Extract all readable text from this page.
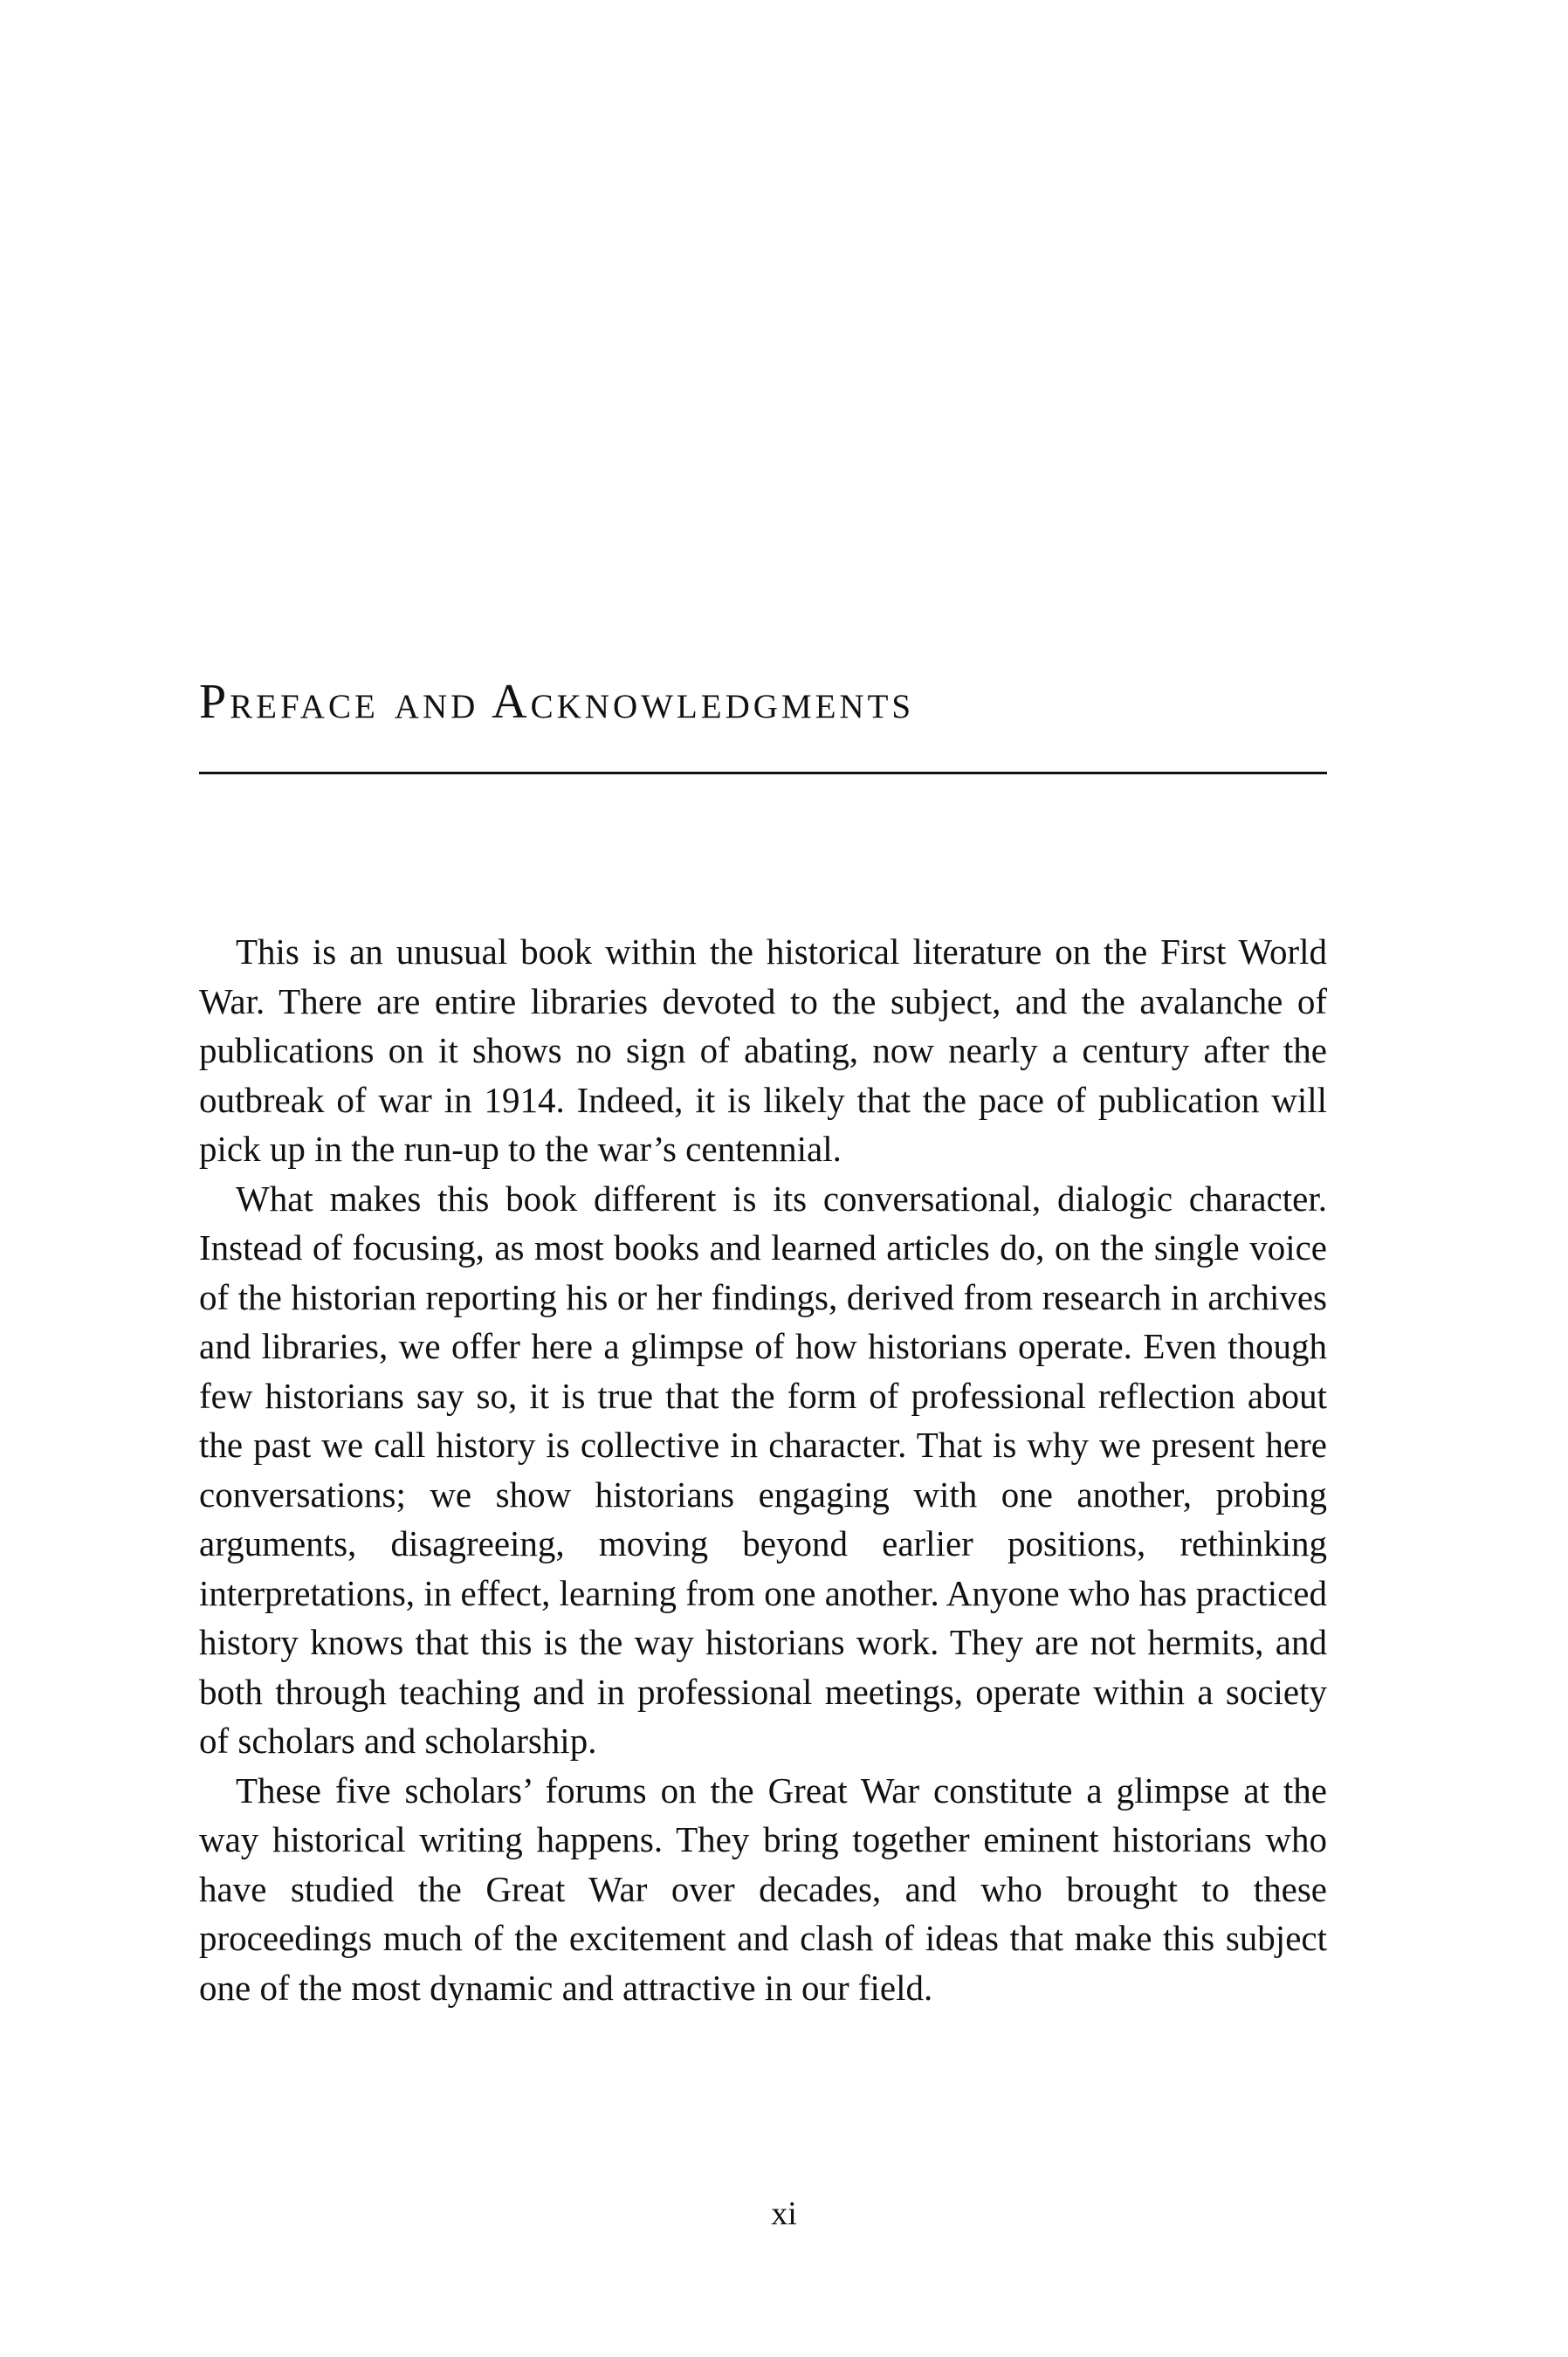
Preface and Acknowledgments

This is an unusual book within the historical literature on the First World War. There are entire libraries devoted to the subject, and the avalanche of publications on it shows no sign of abating, now nearly a century after the outbreak of war in 1914. Indeed, it is likely that the pace of publication will pick up in the run-up to the war’s centennial.

What makes this book different is its conversational, dialogic character. Instead of focusing, as most books and learned articles do, on the single voice of the historian reporting his or her findings, derived from research in archives and libraries, we offer here a glimpse of how historians operate. Even though few historians say so, it is true that the form of professional reflection about the past we call history is collective in character. That is why we present here conversations; we show historians engaging with one another, probing arguments, disagreeing, moving beyond earlier positions, rethinking interpretations, in effect, learning from one another. Anyone who has practiced history knows that this is the way historians work. They are not hermits, and both through teaching and in professional meetings, operate within a society of scholars and scholarship.

These five scholars’ forums on the Great War constitute a glimpse at the way historical writing happens. They bring together eminent historians who have studied the Great War over decades, and who brought to these proceedings much of the excitement and clash of ideas that make this subject one of the most dynamic and attractive in our field.

xi
